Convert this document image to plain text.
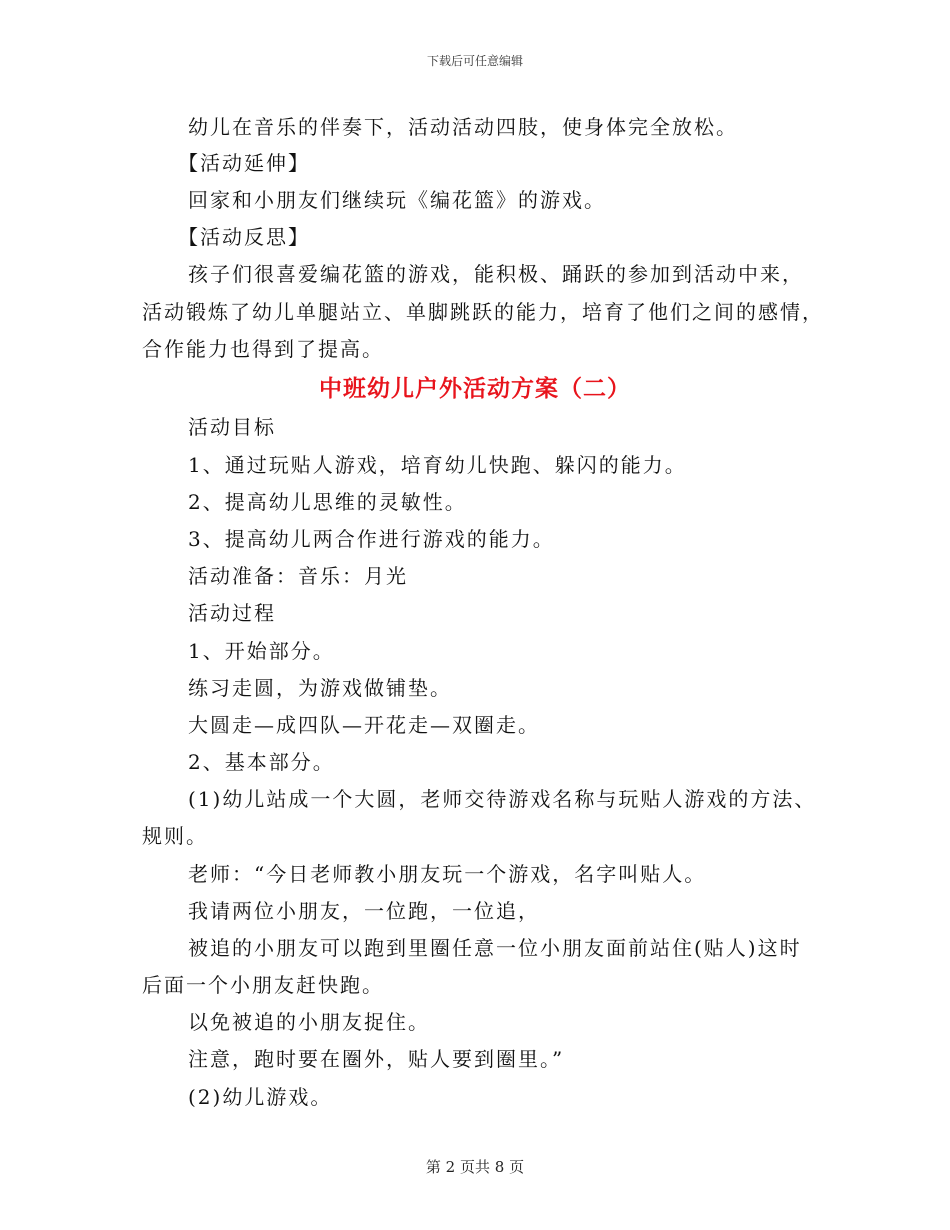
下载后可任意编辑
幼儿在音乐的伴奏下，活动活动四肢，使身体完全放松。
【活动延伸】
回家和小朋友们继续玩《编花篮》的游戏。
【活动反思】
孩子们很喜爱编花篮的游戏，能积极、踊跃的参加到活动中来，
活动锻炼了幼儿单腿站立、单脚跳跃的能力，培育了他们之间的感情，
合作能力也得到了提高。
中班幼儿户外活动方案（二）
活动目标
1、通过玩贴人游戏，培育幼儿快跑、躲闪的能力。
2、提高幼儿思维的灵敏性。
3、提高幼儿两合作进行游戏的能力。
活动准备：音乐：月光
活动过程
1、开始部分。
练习走圆，为游戏做铺垫。
大圆走—成四队—开花走—双圈走。
2、基本部分。
(1)幼儿站成一个大圆，老师交待游戏名称与玩贴人游戏的方法、
规则。
老师：“今日老师教小朋友玩一个游戏，名字叫贴人。
我请两位小朋友，一位跑，一位追，
被追的小朋友可以跑到里圈任意一位小朋友面前站住(贴人)这时
后面一个小朋友赶快跑。
以免被追的小朋友捉住。
注意，跑时要在圈外，贴人要到圈里。”
(2)幼儿游戏。
第 2 页共 8 页
